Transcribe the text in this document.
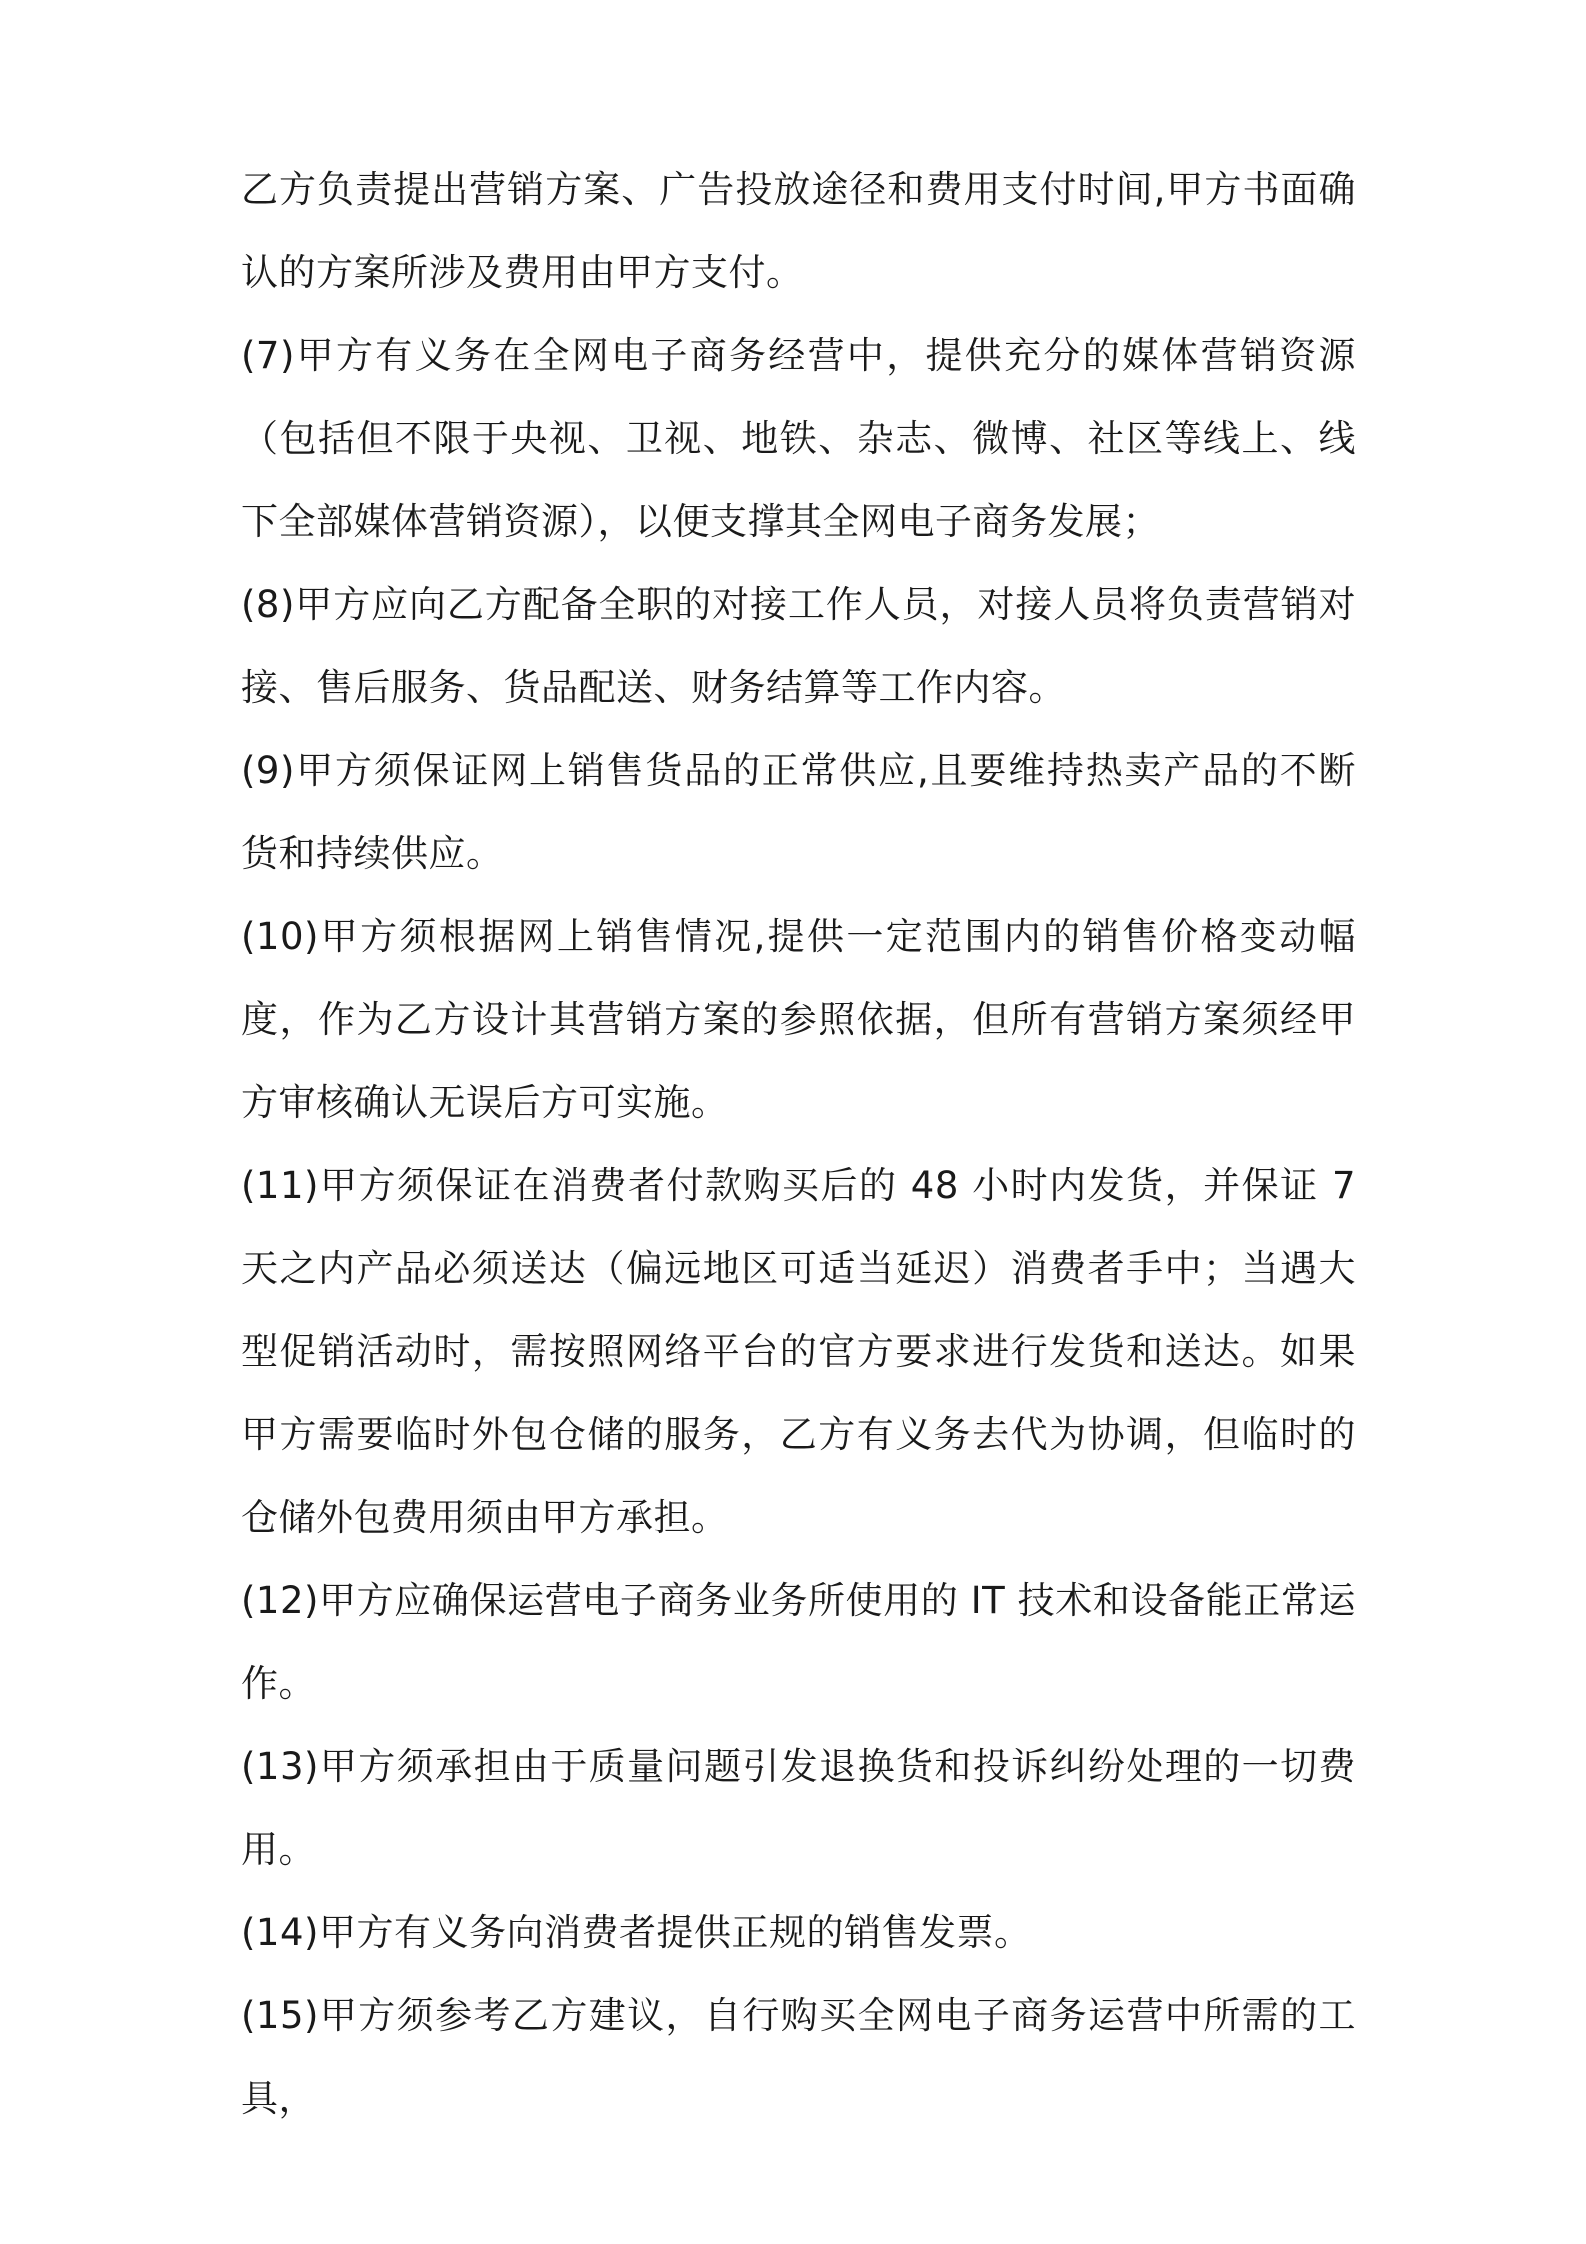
乙方负责提出营销方案、广告投放途径和费用支付时间,甲方书面确认的方案所涉及费用由甲方支付。

(7)甲方有义务在全网电子商务经营中，提供充分的媒体营销资源（包括但不限于央视、卫视、地铁、杂志、微博、社区等线上、线下全部媒体营销资源），以便支撑其全网电子商务发展；

(8)甲方应向乙方配备全职的对接工作人员，对接人员将负责营销对接、售后服务、货品配送、财务结算等工作内容。

(9)甲方须保证网上销售货品的正常供应,且要维持热卖产品的不断货和持续供应。

(10)甲方须根据网上销售情况,提供一定范围内的销售价格变动幅度，作为乙方设计其营销方案的参照依据，但所有营销方案须经甲方审核确认无误后方可实施。

(11)甲方须保证在消费者付款购买后的 48 小时内发货，并保证 7 天之内产品必须送达（偏远地区可适当延迟）消费者手中；当遇大型促销活动时，需按照网络平台的官方要求进行发货和送达。如果甲方需要临时外包仓储的服务，乙方有义务去代为协调，但临时的仓储外包费用须由甲方承担。

(12)甲方应确保运营电子商务业务所使用的 IT 技术和设备能正常运作。

(13)甲方须承担由于质量问题引发退换货和投诉纠纷处理的一切费用。

(14)甲方有义务向消费者提供正规的销售发票。

(15)甲方须参考乙方建议，自行购买全网电子商务运营中所需的工具，
